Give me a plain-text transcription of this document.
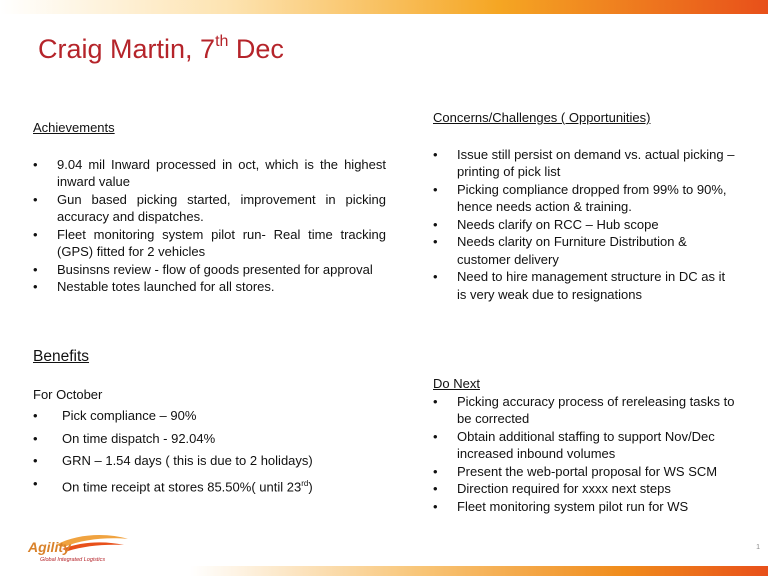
Craig Martin, 7th Dec

Achievements

• 9.04 mil Inward processed in oct, which is the highest inward value
• Gun based picking started, improvement in picking accuracy and dispatches.
• Fleet monitoring system pilot run- Real time tracking (GPS) fitted for 2 vehicles
• Businsns review - flow of goods presented for approval
• Nestable totes launched for all stores.

Benefits

For October

• Pick compliance – 90%
• On time dispatch - 92.04%
• GRN – 1.54 days ( this is due to 2 holidays)
• On time receipt at stores 85.50%( until 23rd)

Concerns/Challenges ( Opportunities)

• Issue still persist on demand vs. actual picking – printing of pick list
• Picking compliance dropped from 99% to 90%, hence needs action & training.
• Needs clarify on RCC – Hub scope
• Needs clarity on Furniture Distribution & customer delivery
• Need to hire management structure in DC as it is very weak due to resignations

Do Next

• Picking accuracy process of rereleasing tasks to be corrected
• Obtain additional staffing to support Nov/Dec increased inbound volumes
• Present the web-portal proposal for WS SCM
• Direction required for xxxx next steps
• Fleet monitoring system pilot run for WS
Agility
Global Integrated Logistics
1
